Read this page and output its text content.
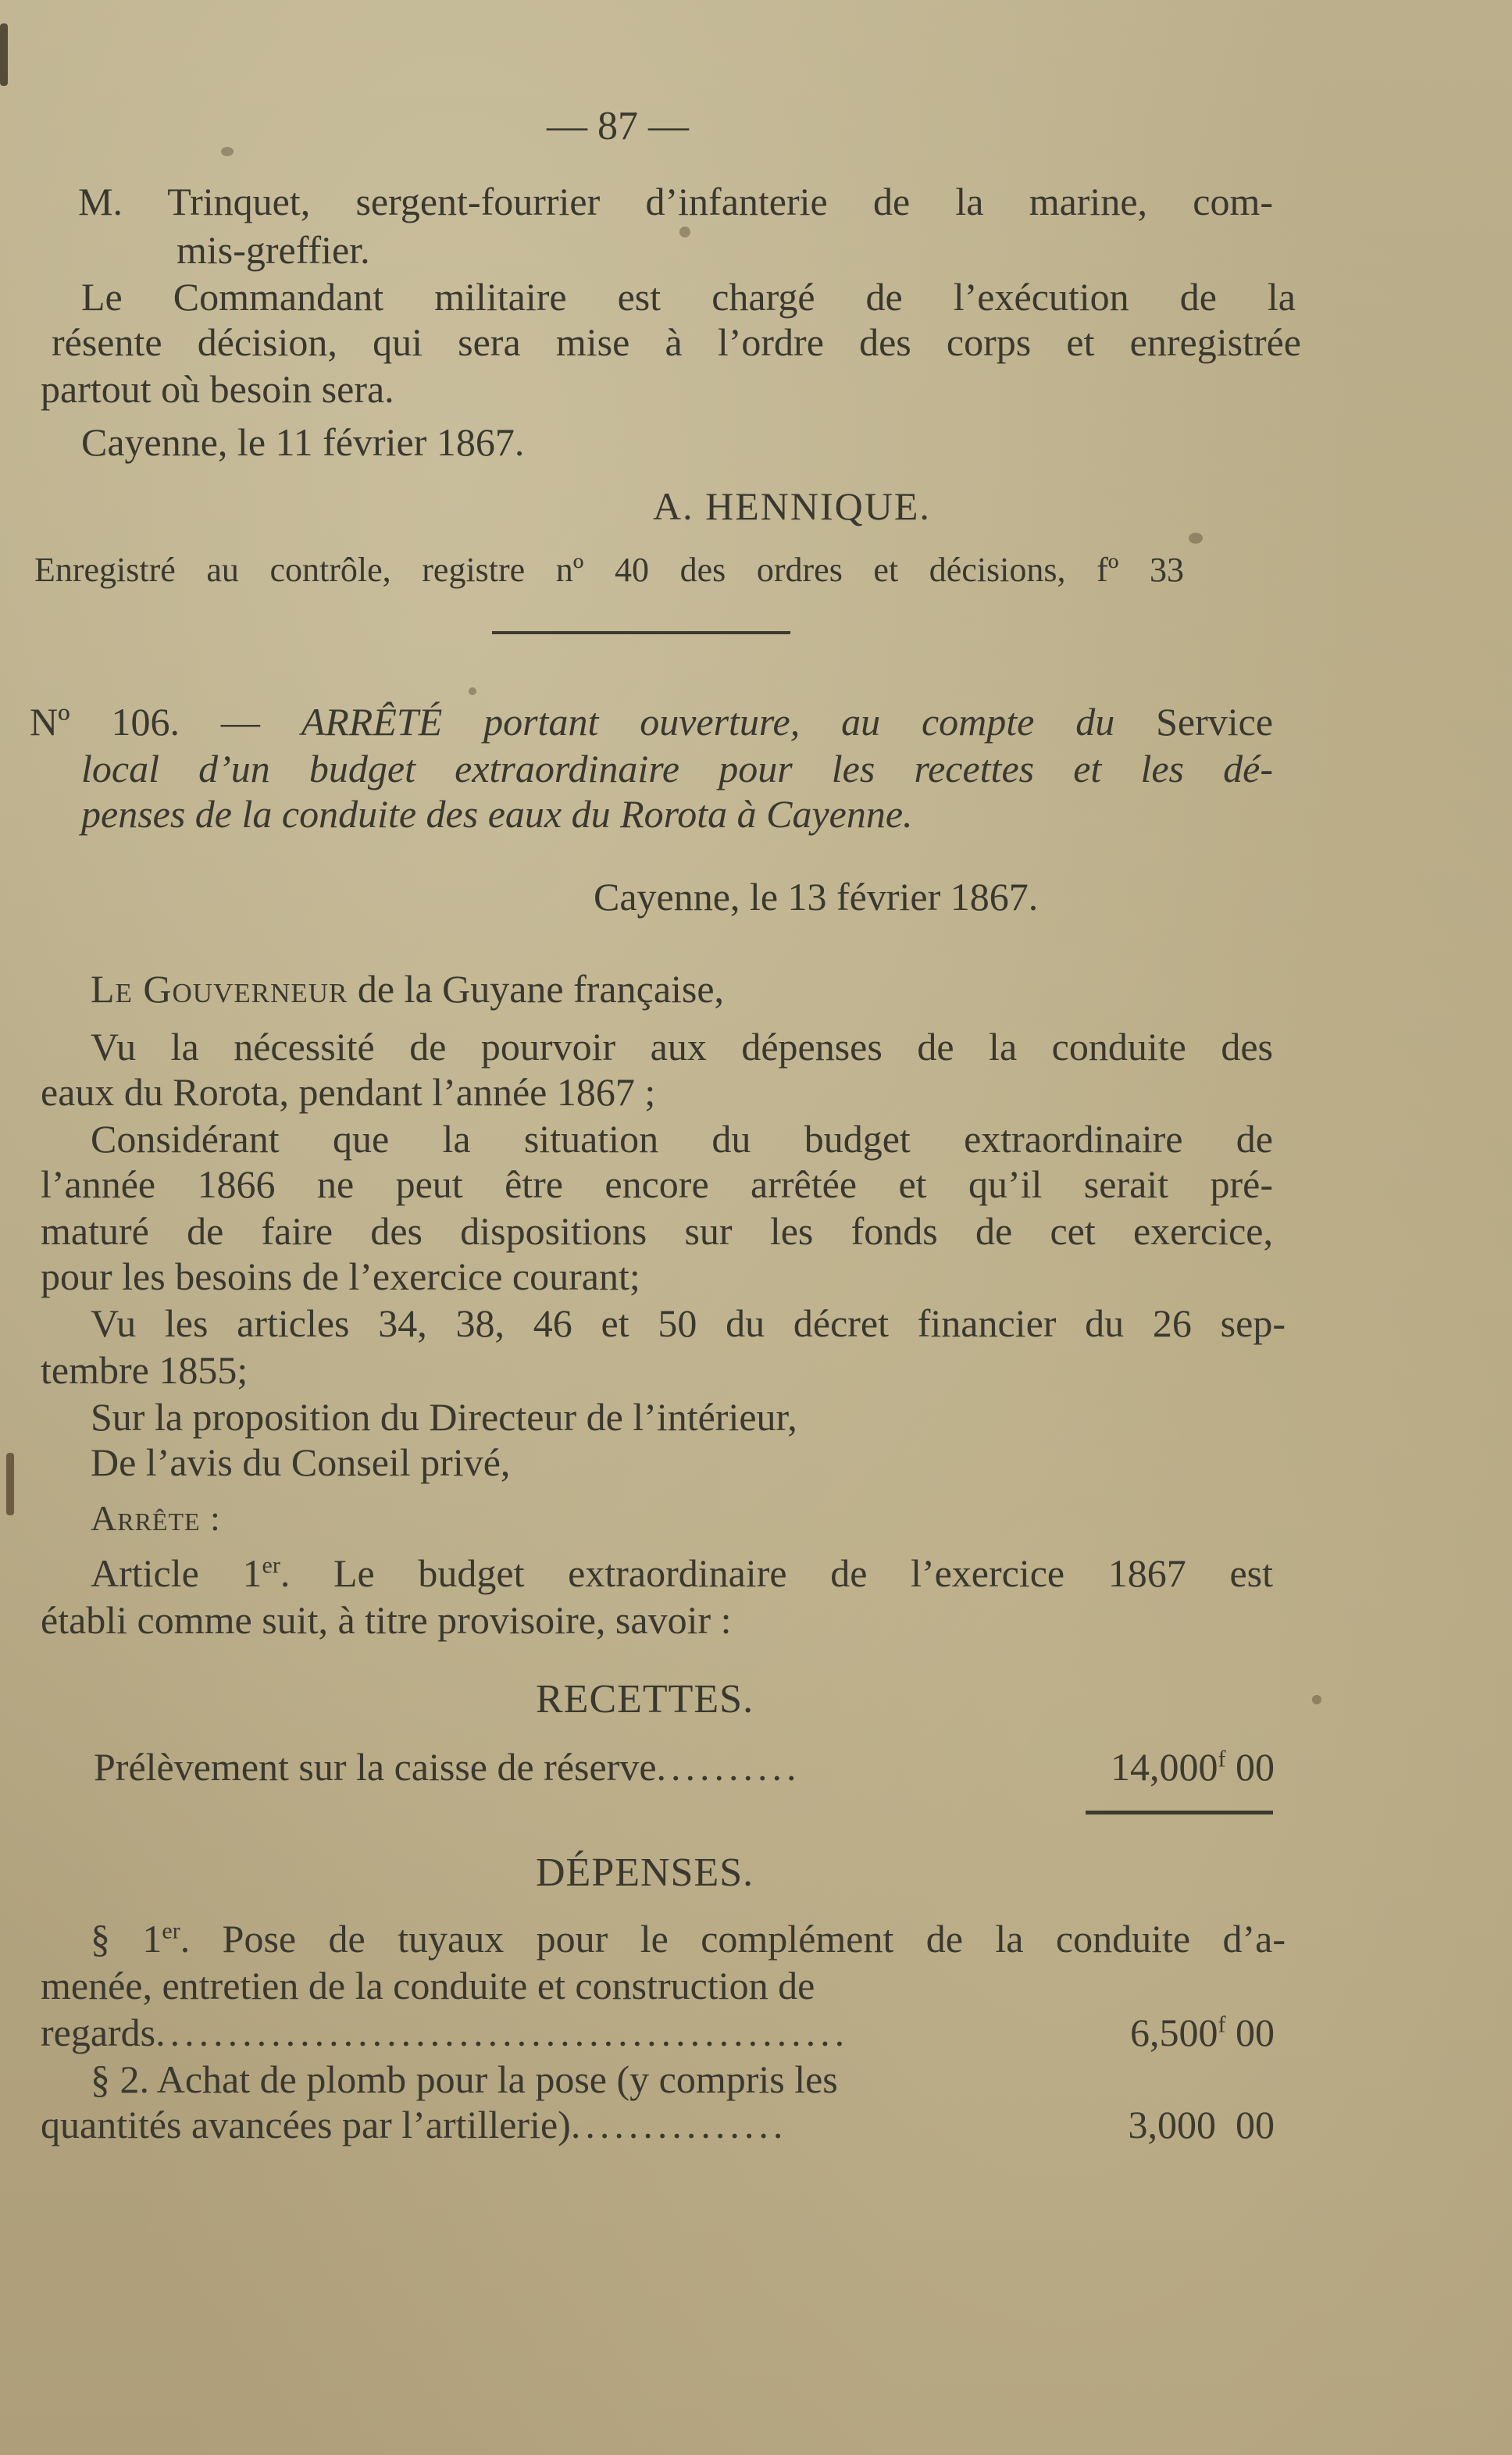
— 87 —
M. Trinquet, sergent-fourrier d’infanterie de la marine, com-
mis-greffier.
Le Commandant militaire est chargé de l’exécution de la
résente décision, qui sera mise à l’ordre des corps et enregistrée
partout où besoin sera.
Cayenne, le 11 février 1867.
A. HENNIQUE.
Enregistré au contrôle, registre nº 40 des ordres et décisions, fº 33
Nº 106. — ARRÊTÉ portant ouverture, au compte du Service
local d’un budget extraordinaire pour les recettes et les dé-
penses de la conduite des eaux du Rorota à Cayenne.
Cayenne, le 13 février 1867.
Le Gouverneur de la Guyane française,
Vu la nécessité de pourvoir aux dépenses de la conduite des
eaux du Rorota, pendant l’année 1867 ;
Considérant que la situation du budget extraordinaire de
l’année 1866 ne peut être encore arrêtée et qu’il serait pré-
maturé de faire des dispositions sur les fonds de cet exercice,
pour les besoins de l’exercice courant;
Vu les articles 34, 38, 46 et 50 du décret financier du 26 sep-
tembre 1855;
Sur la proposition du Directeur de l’intérieur,
De l’avis du Conseil privé,
Arrête :
Article 1er. Le budget extraordinaire de l’exercice 1867 est
établi comme suit, à titre provisoire, savoir :
RECETTES.
Prélèvement sur la caisse de réserve..........	14,000$^f$ 00
DÉPENSES.
§ 1er. Pose de tuyaux pour le complément de la conduite d’a-
menée, entretien de la conduite et construction de
regards................................................	6,500$^f$ 00
§ 2. Achat de plomb pour la pose (y compris les
quantités avancées par l’artillerie)...............	3,000  00
